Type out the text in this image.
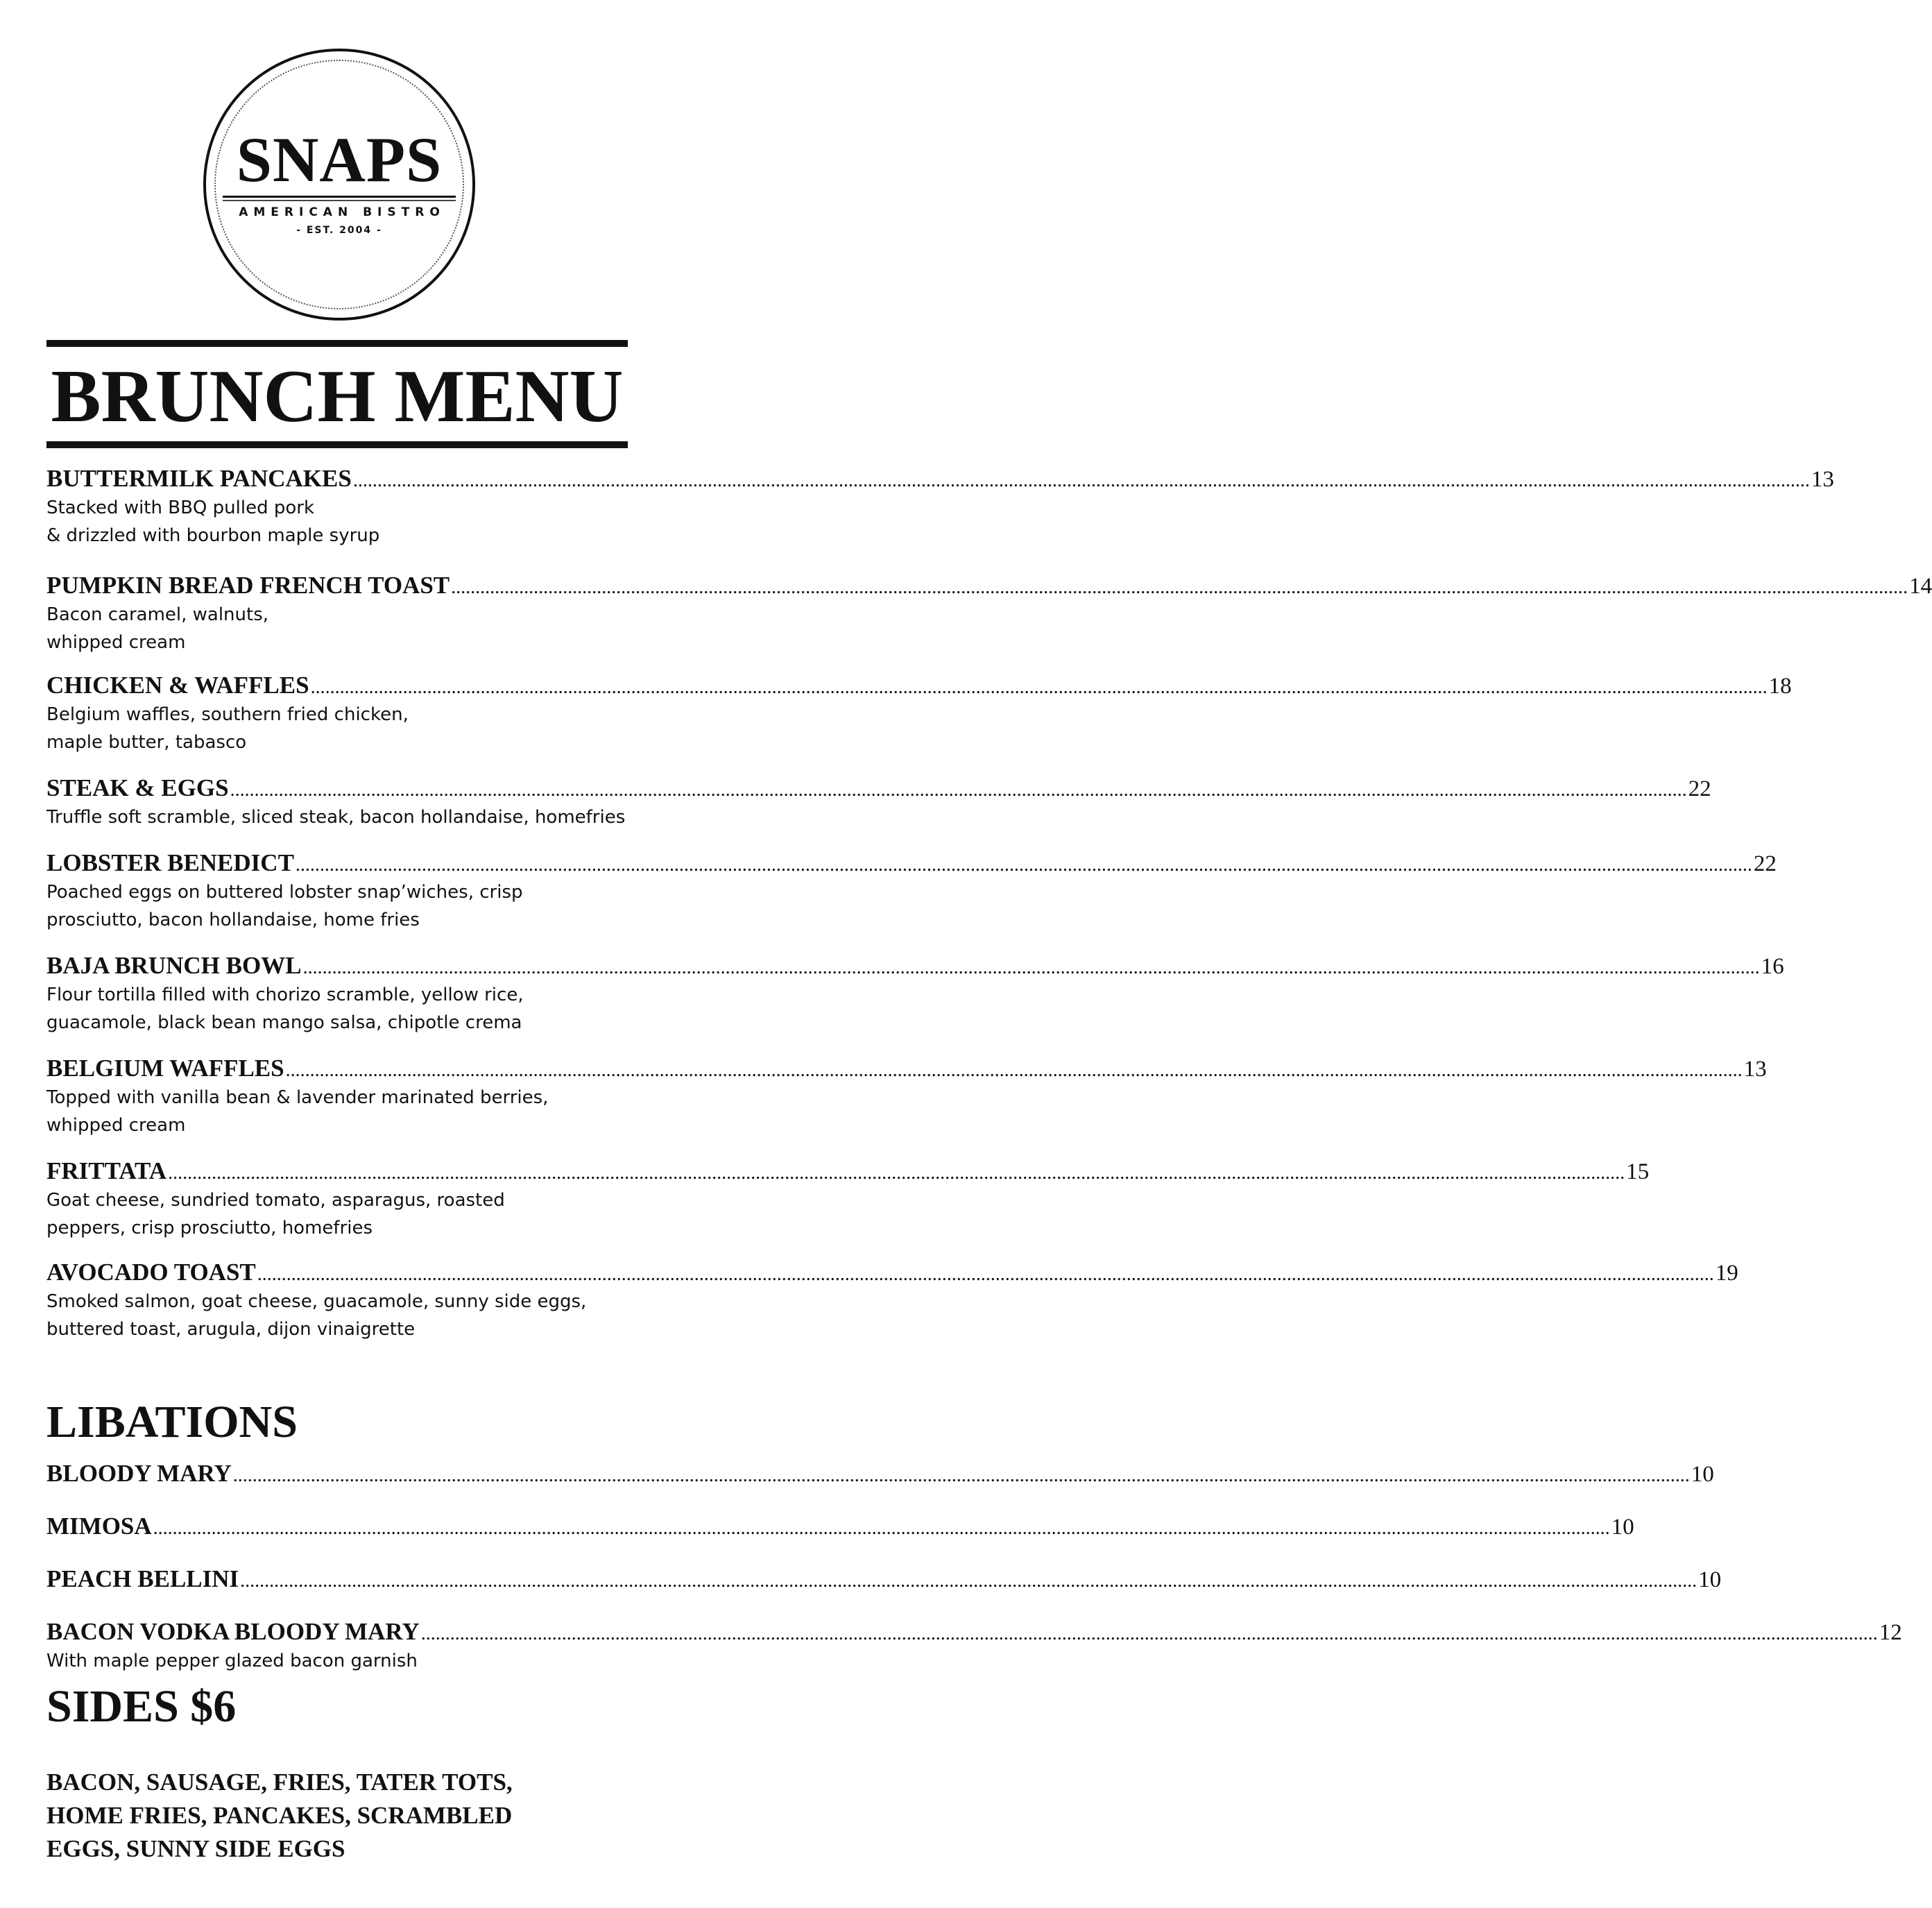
SNAPS
AMERICAN BISTRO
- EST. 2004 -
BRUNCH MENU
BUTTERMILK PANCAKES ............................................................................................................................................................................................................................................................................................................ 13
Stacked with BBQ pulled pork
& drizzled with bourbon maple syrup
PUMPKIN BREAD FRENCH TOAST ............................................................................................................................................................................................................................................................................................................ 14
Bacon caramel, walnuts,
whipped cream
CHICKEN & WAFFLES ............................................................................................................................................................................................................................................................................................................ 18
Belgium waffles, southern fried chicken,
maple butter, tabasco
STEAK & EGGS ............................................................................................................................................................................................................................................................................................................ 22
Truffle soft scramble, sliced steak, bacon hollandaise, homefries
LOBSTER BENEDICT ............................................................................................................................................................................................................................................................................................................ 22
Poached eggs on buttered lobster snap’wiches, crisp
prosciutto, bacon hollandaise, home fries
BAJA BRUNCH BOWL ............................................................................................................................................................................................................................................................................................................ 16
Flour tortilla filled with chorizo scramble, yellow rice,
guacamole, black bean mango salsa, chipotle crema
BELGIUM WAFFLES ............................................................................................................................................................................................................................................................................................................ 13
Topped with vanilla bean & lavender marinated berries,
whipped cream
FRITTATA ............................................................................................................................................................................................................................................................................................................ 15
Goat cheese, sundried tomato, asparagus, roasted
peppers, crisp prosciutto, homefries
AVOCADO TOAST ............................................................................................................................................................................................................................................................................................................ 19
Smoked salmon, goat cheese, guacamole, sunny side eggs,
buttered toast, arugula, dijon vinaigrette
LIBATIONS
BLOODY MARY ............................................................................................................................................................................................................................................................................................................ 10
MIMOSA ............................................................................................................................................................................................................................................................................................................ 10
PEACH BELLINI ............................................................................................................................................................................................................................................................................................................ 10
BACON VODKA BLOODY MARY ............................................................................................................................................................................................................................................................................................................ 12
With maple pepper glazed bacon garnish
SIDES $6
BACON, SAUSAGE, FRIES, TATER TOTS,
HOME FRIES, PANCAKES, SCRAMBLED
EGGS, SUNNY SIDE EGGS
